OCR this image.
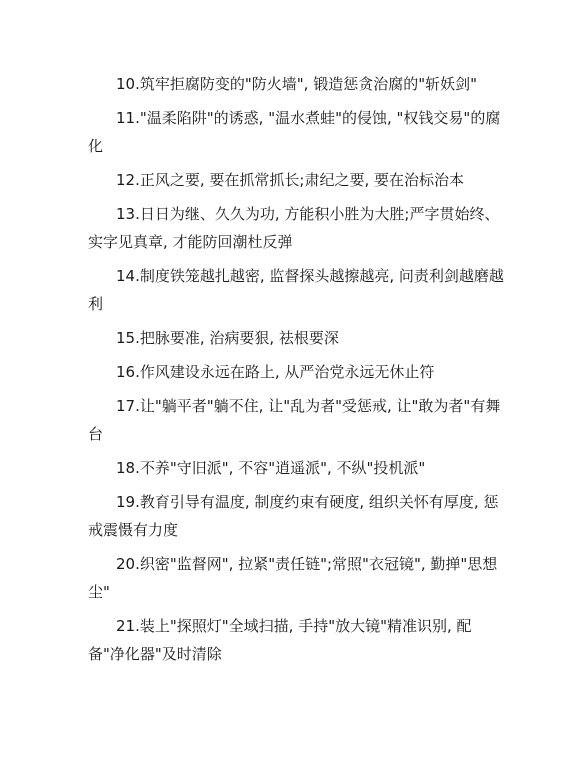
10.筑牢拒腐防变的"防火墙", 锻造惩贪治腐的"斩妖剑"

11."温柔陷阱"的诱惑, "温水煮蛙"的侵蚀, "权钱交易"的腐化

12.正风之要, 要在抓常抓长;肃纪之要, 要在治标治本

13.日日为继、久久为功, 方能积小胜为大胜;严字贯始终、实字见真章, 才能防回潮杜反弹

14.制度铁笼越扎越密, 监督探头越擦越亮, 问责利剑越磨越利

15.把脉要准, 治病要狠, 祛根要深

16.作风建设永远在路上, 从严治党永远无休止符

17.让"躺平者"躺不住, 让"乱为者"受惩戒, 让"敢为者"有舞台

18.不养"守旧派", 不容"逍遥派", 不纵"投机派"

19.教育引导有温度, 制度约束有硬度, 组织关怀有厚度, 惩戒震慑有力度

20.织密"监督网", 拉紧"责任链";常照"衣冠镜", 勤掸"思想尘"

21.装上"探照灯"全域扫描, 手持"放大镜"精准识别, 配备"净化器"及时清除
